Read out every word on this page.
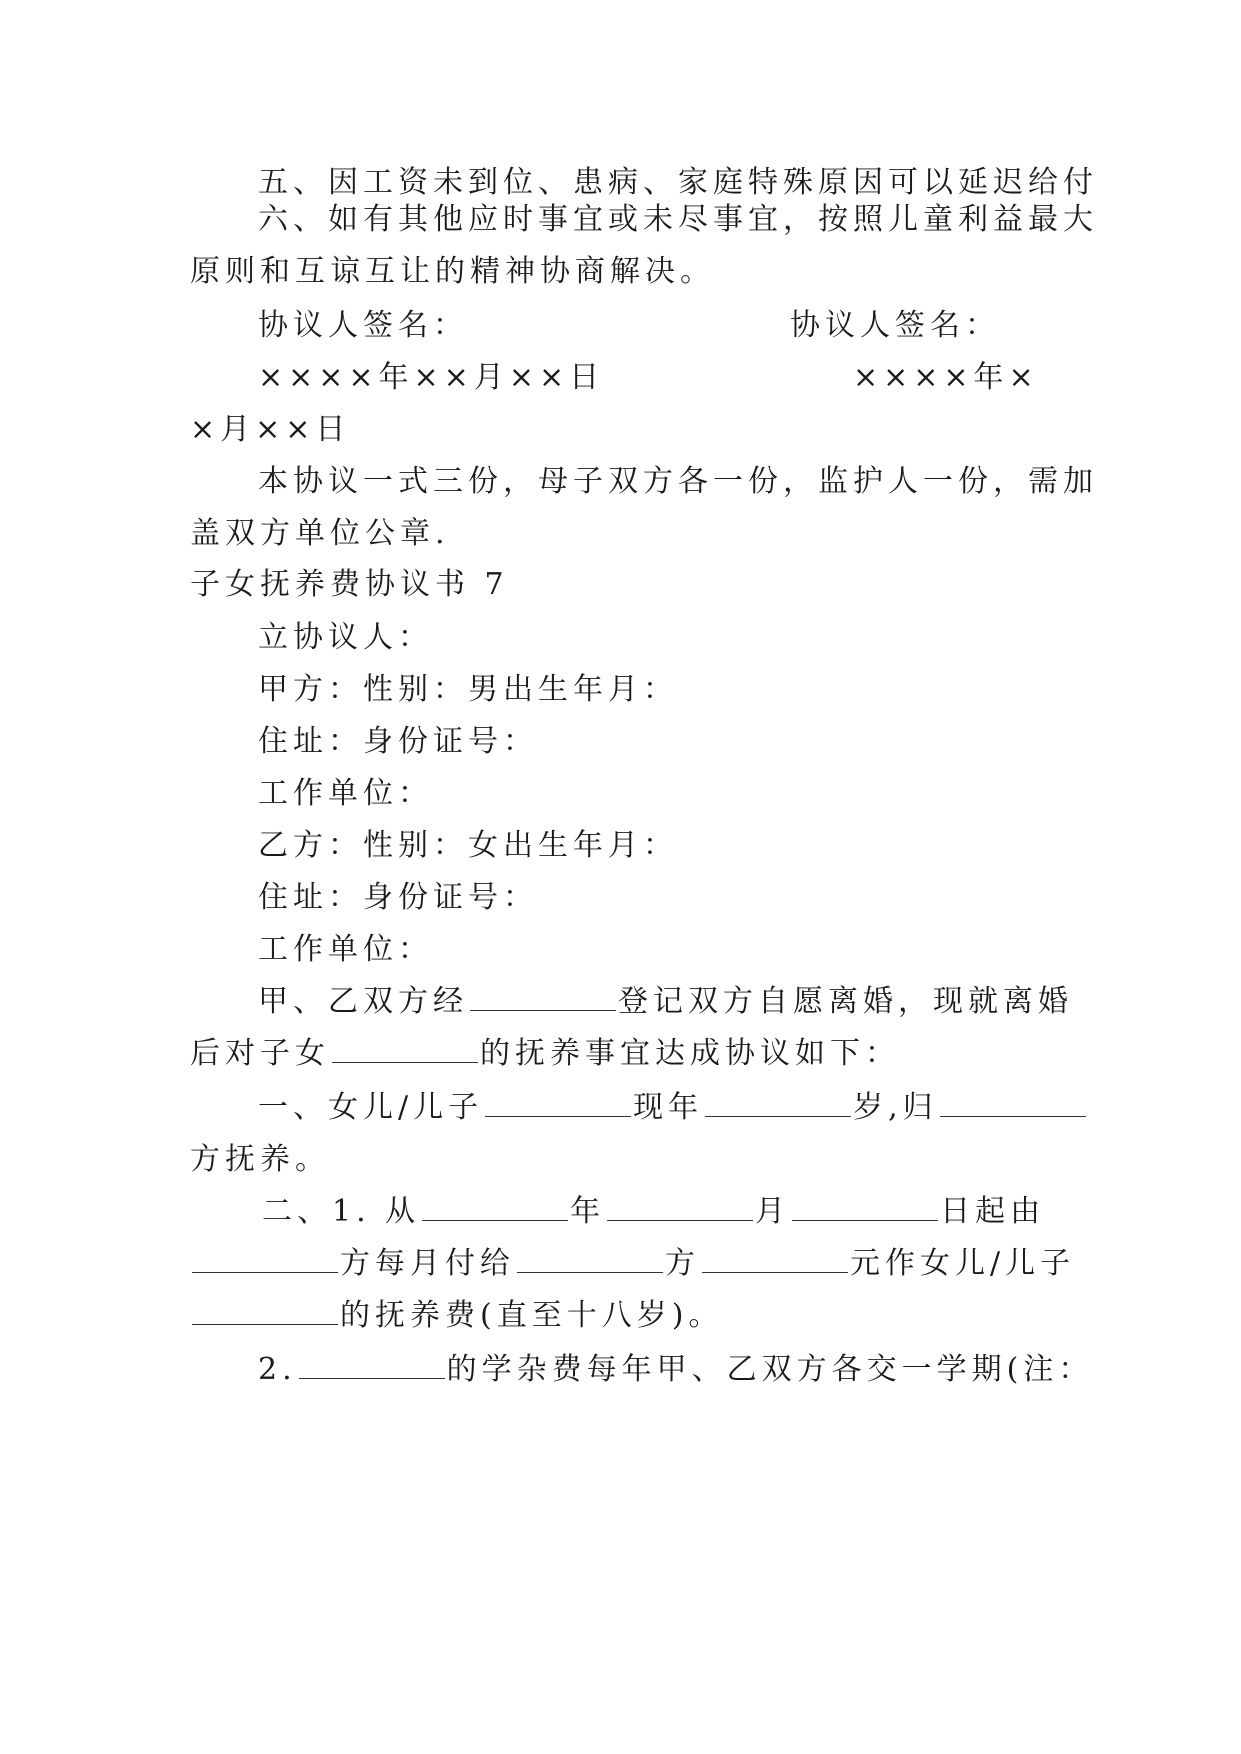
五、因工资未到位、患病、家庭特殊原因可以延迟给付
六、如有其他应时事宜或未尽事宜，按照儿童利益最大
原则和互谅互让的精神协商解决。
协议人签名：	协议人签名：
××××年××月××日	××××年×
×月××日
本协议一式三份，母子双方各一份，监护人一份，需加
盖双方单位公章.
子女抚养费协议书 7
立协议人：
甲方：性别：男出生年月：
住址：身份证号：
工作单位：
乙方：性别：女出生年月：
住址：身份证号：
工作单位：
甲、乙双方经	登记双方自愿离婚，现就离婚
后对子女	的抚养事宜达成协议如下：
一、女儿/儿子	现年	岁,归
方抚养。
二、1. 从	年	月	日起由
方每月付给	方	元作女儿/儿子
的抚养费(直至十八岁)。
2.	的学杂费每年甲、乙双方各交一学期(注：
